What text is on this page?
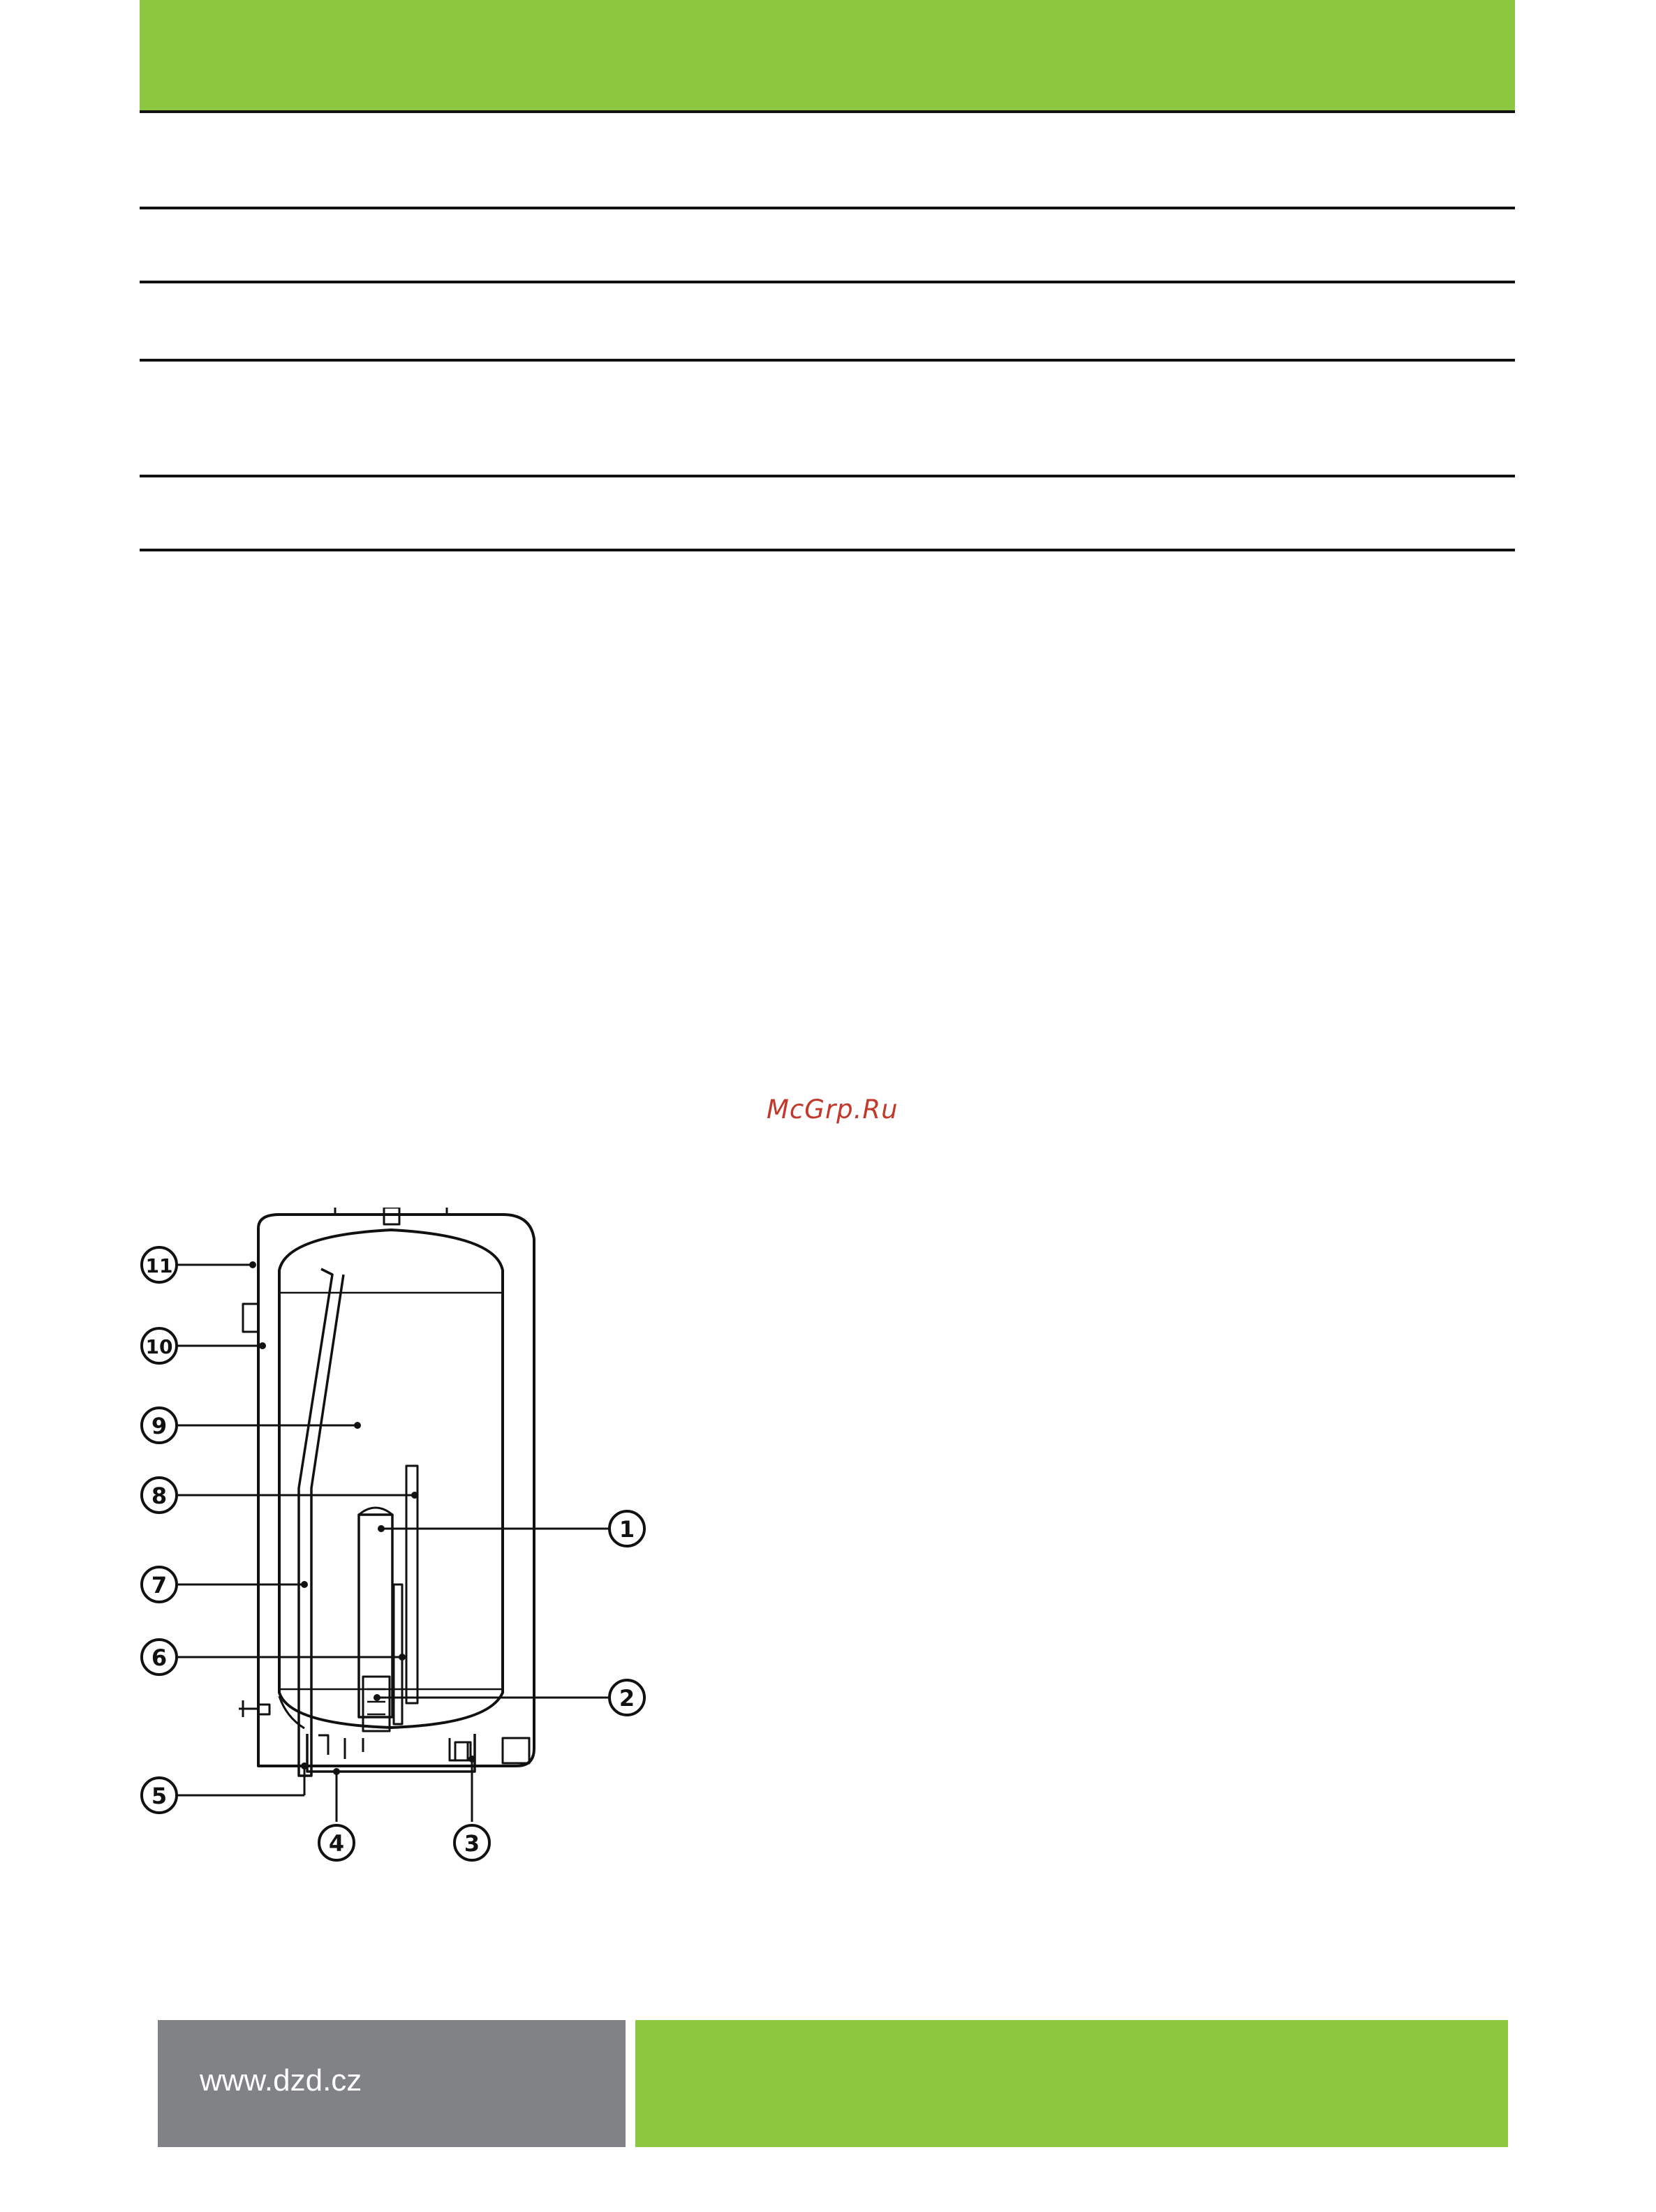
McGrp.Ru
11
10
9
8
1
7
6
2
5
4	3
www.dzd.cz
